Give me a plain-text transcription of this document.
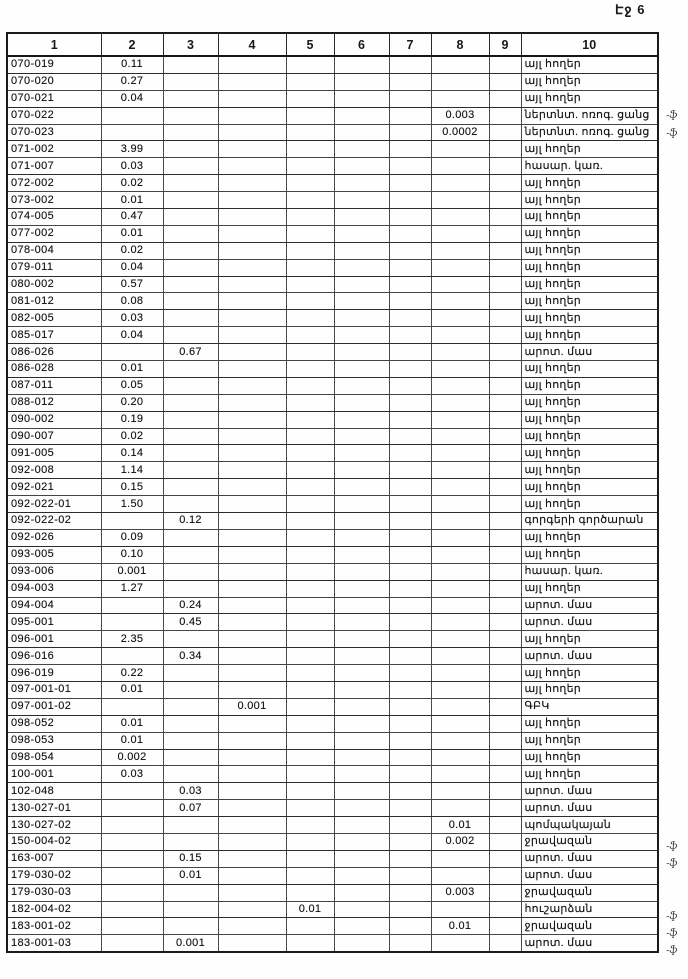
Էջ 6
1	2	3	4	5	6	7	8	9	10
070-019	0.11								այլ հողեր
070-020	0.27								այլ հողեր
070-021	0.04								այլ հողեր
070-022							0.003		ներտնտ. ոռոգ. ցանց
070-023							0.0002		ներտնտ. ոռոգ. ցանց
071-002	3.99								այլ հողեր
071-007	0.03								հասար. կառ.
072-002	0.02								այլ հողեր
073-002	0.01								այլ հողեր
074-005	0.47								այլ հողեր
077-002	0.01								այլ հողեր
078-004	0.02								այլ հողեր
079-011	0.04								այլ հողեր
080-002	0.57								այլ հողեր
081-012	0.08								այլ հողեր
082-005	0.03								այլ հողեր
085-017	0.04								այլ հողեր
086-026		0.67							արոտ. մաս
086-028	0.01								այլ հողեր
087-011	0.05								այլ հողեր
088-012	0.20								այլ հողեր
090-002	0.19								այլ հողեր
090-007	0.02								այլ հողեր
091-005	0.14								այլ հողեր
092-008	1.14								այլ հողեր
092-021	0.15								այլ հողեր
092-022-01	1.50								այլ հողեր
092-022-02		0.12							գորգերի գործարան
092-026	0.09								այլ հողեր
093-005	0.10								այլ հողեր
093-006	0.001								հասար. կառ.
094-003	1.27								այլ հողեր
094-004		0.24							արոտ. մաս
095-001		0.45							արոտ. մաս
096-001	2.35								այլ հողեր
096-016		0.34							արոտ. մաս
096-019	0.22								այլ հողեր
097-001-01	0.01								այլ հողեր
097-001-02			0.001						ԳԲԿ
098-052	0.01								այլ հողեր
098-053	0.01								այլ հողեր
098-054	0.002								այլ հողեր
100-001	0.03								այլ հողեր
102-048		0.03							արոտ. մաս
130-027-01		0.07							արոտ. մաս
130-027-02							0.01		պոմպակայան
150-004-02							0.002		ջրավազան
163-007		0.15							արոտ. մաս
179-030-02		0.01							արոտ. մաս
179-030-03							0.003		ջրավազան
182-004-02				0.01					հուշարձան
183-001-02							0.01		ջրավազան
183-001-03		0.001							արոտ. մաս
-ֆ
-ֆ
-ֆ
-ֆ
-ֆ
-ֆ
-ֆ
